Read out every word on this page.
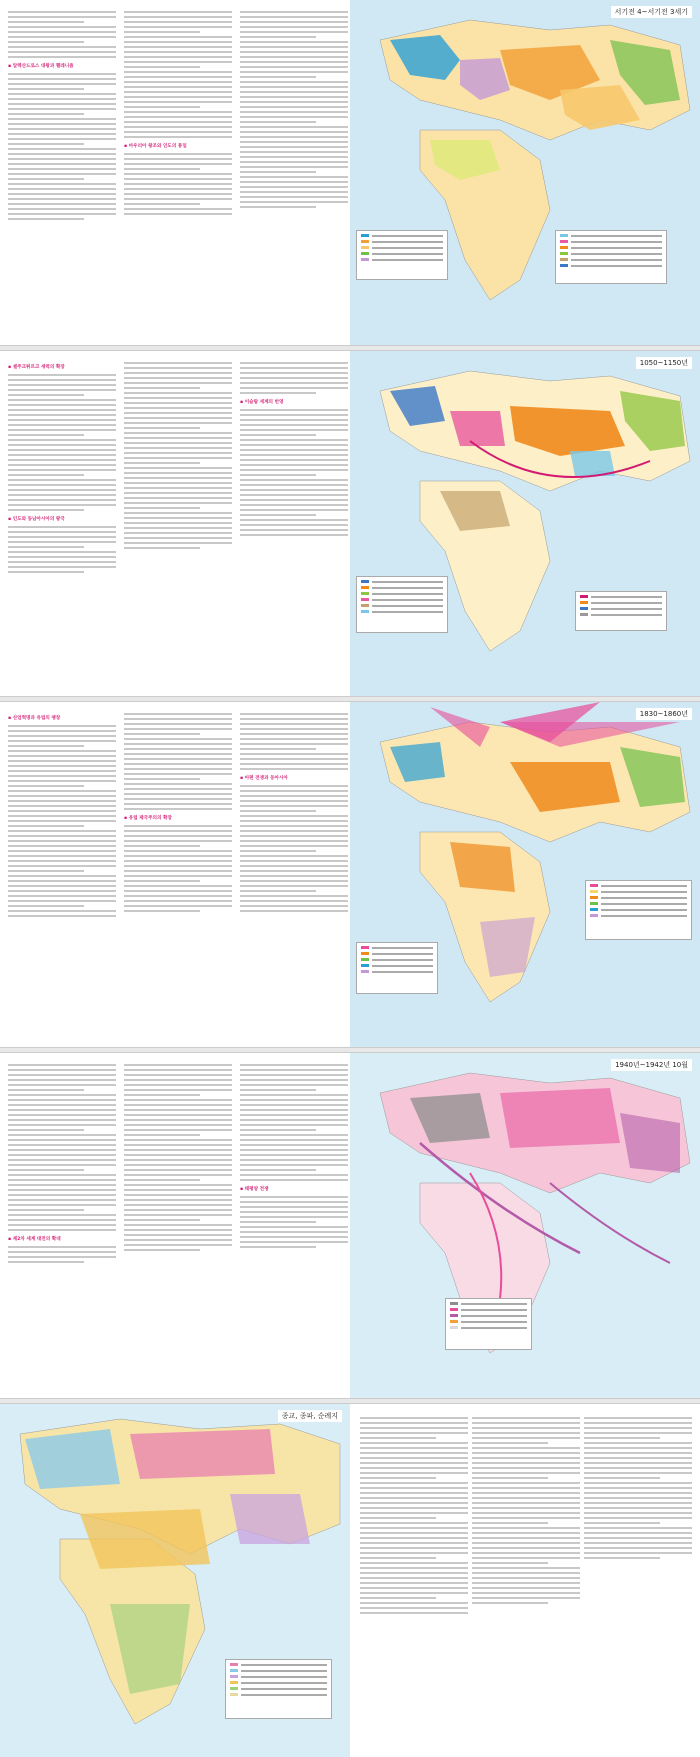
▪ 알렉산드로스 대왕과 헬레니즘
▪ 마우리아 왕조와 인도의 통일
서기전 4~서기전 3세기
▪ 셀주크튀르크 세력의 확장
▪ 인도와 동남아시아의 왕국
▪ 이슬람 세계의 번영
1050~1150년
▪ 산업혁명과 유럽의 팽창
▪ 유럽 제국주의의 확장
▪ 아편 전쟁과 동아시아
1830~1860년
▪ 제2차 세계 대전의 확대
▪ 태평양 전쟁
1940년~1942년 10월
종교, 종파, 순례지
